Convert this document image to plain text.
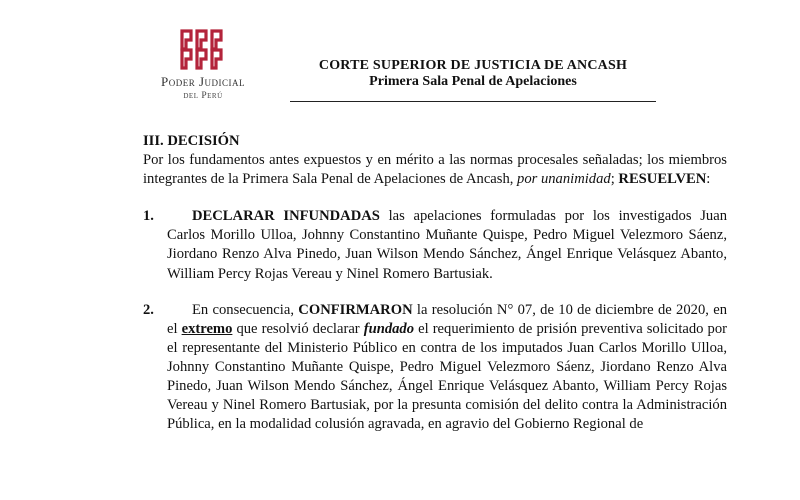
Poder Judicial
del Perú
CORTE SUPERIOR DE JUSTICIA DE ANCASH
Primera Sala Penal de Apelaciones
III. DECISIÓN
Por los fundamentos antes expuestos y en mérito a las normas procesales señaladas; los miembros integrantes de la Primera Sala Penal de Apelaciones de Ancash, por unanimidad; RESUELVEN:
1.	DECLARAR INFUNDADAS las apelaciones formuladas por los investigados Juan Carlos Morillo Ulloa, Johnny Constantino Muñante Quispe, Pedro Miguel Velezmoro Sáenz, Jiordano Renzo Alva Pinedo, Juan Wilson Mendo Sánchez, Ángel Enrique Velásquez Abanto, William Percy Rojas Vereau y Ninel Romero Bartusiak.
2.	En consecuencia, CONFIRMARON la resolución N° 07, de 10 de diciembre de 2020, en el extremo que resolvió declarar fundado el requerimiento de prisión preventiva solicitado por el representante del Ministerio Público en contra de los imputados Juan Carlos Morillo Ulloa, Johnny Constantino Muñante Quispe, Pedro Miguel Velezmoro Sáenz, Jiordano Renzo Alva Pinedo, Juan Wilson Mendo Sánchez, Ángel Enrique Velásquez Abanto, William Percy Rojas Vereau y Ninel Romero Bartusiak, por la presunta comisión del delito contra la Administración Pública, en la modalidad colusión agravada, en agravio del Gobierno Regional de
